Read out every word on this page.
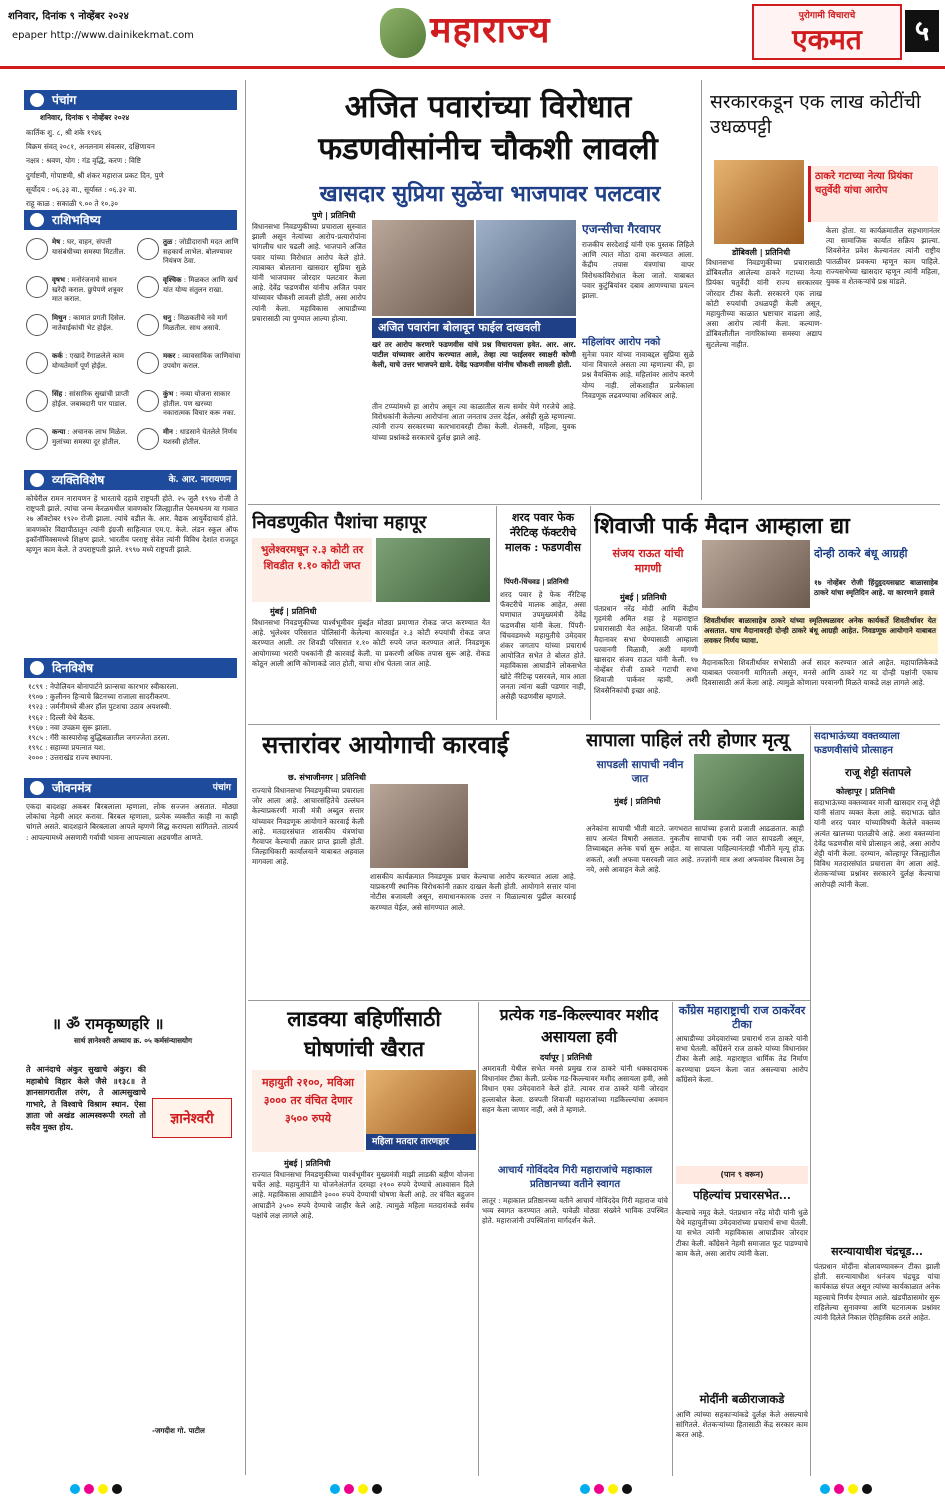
शनिवार, दिनांक ९ नोव्हेंबर २०२४
epaper http://www.dainikekmat.com	महाराज्य	पुरोगामी विचाराचे
एकमत	५
पंचांग
शनिवार, दिनांक ९ नोव्हेंबर २०२४
कार्तिक शु. ८, श्री शके १९४६
विक्रम संवत् २०८१, अनलनाम संवत्सर, दक्षिणायन
नक्षत्र : श्रवण, योग : गंड वृद्धि, करण : विष्टि
दुर्गाष्टमी, गोपाष्टमी, श्री शंकर महाराज प्रकट दिन, पुणे
सूर्योदय : ०६.३३ वा., सूर्यास्त : ०६.३२ वा.
राहू काळ : सकाळी ९.०० ते १०.३०
राशिभविष्य
मेष : घर, वाहन, संपत्ती यासंबंधीच्या समस्या मिटतील.
तुळ : जोडीदाराची मदत आणि सहकार्य लाभेल. बोलण्यावर नियंत्रण ठेवा.
वृषभ : मनोरंजनाचे साधन खरेदी कराल. छुपेपणे शत्रूवर मात कराल.
वृश्चिक : मिळकत आणि खर्च यांत योग्य संतुलन राखा.
मिथुन : कामात प्रगती दिसेल. नातेवाईकांची भेट होईल.
धनु : मिळकतीचे नवे मार्ग मिळतील. साथ असावे.
कर्क : एखादे रेंगाळलेले काम योग्यतेमार्गे पूर्ण होईल.
मकर : व्यावसायिक जाणिवांचा उपयोग कराल.
सिंह : सांसारिक सुखांची प्राप्ती होईल. जबाबदारी पार पाडाल.
कुंभ : नव्या योजना साकार होतील. पण खरच्या नकारात्मक विचार करू नका.
कन्या : अचानक लाभ मिळेल. मुलांच्या समस्या दूर होतील.
मीन : धाडसाने घेतलेले निर्णय यशस्वी होतील.
व्यक्तिविशेष	के. आर. नारायणन
कोचेरील रामन नारायणन हे भारताचे दहावे राष्ट्रपती होते. २५ जुलै १९९७ रोजी ते राष्ट्रपती झाले. त्यांचा जन्म केरळमधील त्रावणकोर जिल्ह्यातील पेरुमथनम या गावात २७ ऑक्टोबर १९२० रोजी झाला. त्यांचे वडील के. आर. वैद्यक आयुर्वेदाचार्य होते. त्रावणकोर विद्यापीठातून त्यांनी इंग्रजी साहित्यात एम.ए. केले. लंडन स्कूल ऑफ इकॉनॉमिक्समध्ये शिक्षण झाले. भारतीय परराष्ट्र सेवेत त्यांनी विविध देशांत राजदूत म्हणून काम केले. ते उपराष्ट्रपती झाले. १९९७ मध्ये राष्ट्रपती झाले.
दिनविशेष
१८९९ : नेपोलियन बोनापार्टने फ्रान्सचा कारभार स्वीकारला.
१९०७ : कुलीनन हिऱ्याचे ब्रिटनच्या राजाला सादरीकरण.
१९२३ : जर्मनीमध्ये बीअर हॉल पुटशचा उठाव अयशस्वी.
१९६२ : दिल्ली येथे बैठक.
१९६७ : नवा उपक्रम सुरू झाला.
१९८५ : गॅरी कास्पारोव्ह बुद्धिबळातील जगज्जेता ठरला.
१९९८ : सहाव्या प्रयत्नात यश.
२००० : उत्तराखंड राज्य स्थापना.
जीवनमंत्र	पंचांग
एकदा बादशहा अकबर बिरबलाला म्हणाला, लोक सज्जन असतात. मोठ्या लोकांचा नेहमी आदर करावा. बिरबल म्हणाला, प्रत्येक व्यक्तीत काही ना काही चांगले असते. बादशहाने बिरबलाला आपले म्हणणे सिद्ध करायला सांगितले. तात्पर्य : आपल्यामध्ये असणारी गर्वाची भावना आपल्याला अडचणीत आणते.
॥ ॐ रामकृष्णहरि ॥
सार्थ ज्ञानेश्वरी अध्याय क्र. ०५ कर्मसंन्यासयोग
ते आनंदाचे अंकुर सुखाचे अंकुर। की महाबोधे विहार केले जैसे ॥१३८॥ ते ज्ञानसागरातील तरंग, ते आत्मसुखाचे गाभारे, ते विश्वाचे विश्राम स्थान. ऐसा ज्ञाता जो अखंड आत्मस्वरूपी रमतो तो सदैव मुक्त होय.	ज्ञानेश्वरी
-जगदीश गो. पाटील
अजित पवारांच्या विरोधात
फडणवीसांनीच चौकशी लावली
खासदार सुप्रिया सुळेंचा भाजपावर पलटवार
पुणे | प्रतिनिधी
विधानसभा निवडणुकीच्या प्रचाराला सुरुवात झाली असून नेत्यांच्या आरोप-प्रत्यारोपांना चांगलीच धार चढली आहे. भाजपाने अजित पवार यांच्या विरोधात आरोप केले होते. त्याबाबत बोलताना खासदार सुप्रिया सुळे यांनी भाजपावर जोरदार पलटवार केला आहे. देवेंद्र फडणवीस यांनीच अजित पवार यांच्यावर चौकशी लावली होती, असा आरोप त्यांनी केला. महाविकास आघाडीच्या प्रचारासाठी त्या पुण्यात आल्या होत्या.
अजित पवारांना बोलावून फाईल दाखवली
खरं तर आरोप करणारे फडणवीस यांचे प्रश्न विचारायला हवेत. आर. आर. पाटील यांच्यावर आरोप करण्यात आले, तेव्हा त्या फाईलवर स्वाक्षरी कोणी केली, याचे उत्तर भाजपने द्यावे. देवेंद्र फडणवीस यांनीच चौकशी लावली होती.
तीन टप्प्यांमध्ये हा आरोप असून त्या काळातील सत्य समोर येणे गरजेचे आहे. विरोधकांनी केलेल्या आरोपांना आता जनताच उत्तर देईल, असेही सुळे म्हणाल्या. त्यांनी राज्य सरकारच्या कारभारावरही टीका केली. शेतकरी, महिला, युवक यांच्या प्रश्नांकडे सरकारचे दुर्लक्ष झाले आहे.
एजन्सीचा गैरवापर
राजकीय सरदेशाई यांनी एक पुस्तक लिहिले आणि त्यात मोठा दावा करण्यात आला. केंद्रीय तपास यंत्रणांचा वापर विरोधकांविरोधात केला जातो. याबाबत पवार कुटुंबियांवर दबाव आणण्याचा प्रयत्न झाला.
महिलांवर आरोप नको
सुनेत्रा पवार यांच्या नावाबद्दल सुप्रिया सुळे यांना विचारले असता त्या म्हणाल्या की, हा प्रश्न वैयक्तिक आहे. महिलांवर आरोप करणे योग्य नाही. लोकशाहीत प्रत्येकाला निवडणूक लढवण्याचा अधिकार आहे.
सरकारकडून एक लाख कोटींची उधळपट्टी
ठाकरे गटाच्या नेत्या प्रियंका चतुर्वेदी यांचा आरोप
डोंबिवली | प्रतिनिधी
विधानसभा निवडणुकीच्या प्रचारासाठी डोंबिवलीत आलेल्या ठाकरे गटाच्या नेत्या प्रियंका चतुर्वेदी यांनी राज्य सरकारवर जोरदार टीका केली. सरकारने एक लाख कोटी रुपयांची उधळपट्टी केली असून, महायुतीच्या काळात भ्रष्टाचार वाढला आहे, असा आरोप त्यांनी केला. कल्याण-डोंबिवलीतील नागरिकांच्या समस्या अद्याप सुटलेल्या नाहीत.
केला होता. या कार्यक्रमातील सहभागानंतर त्या सामाजिक कार्यात सक्रिय झाल्या. शिवसेनेत प्रवेश केल्यानंतर त्यांनी राष्ट्रीय पातळीवर प्रवक्त्या म्हणून काम पाहिले. राज्यसभेच्या खासदार म्हणून त्यांनी महिला, युवक व शेतकऱ्यांचे प्रश्न मांडले.
निवडणुकीत पैशांचा महापूर
भुलेश्वरमधून २.३ कोटी तर शिवडीत १.१० कोटी जप्त
मुंबई | प्रतिनिधी
विधानसभा निवडणुकीच्या पार्श्वभूमीवर मुंबईत मोठ्या प्रमाणात रोकड जप्त करण्यात येत आहे. भुलेश्वर परिसरात पोलिसांनी केलेल्या कारवाईत २.३ कोटी रुपयांची रोकड जप्त करण्यात आली. तर शिवडी परिसरात १.१० कोटी रुपये जप्त करण्यात आले. निवडणूक आयोगाच्या भरारी पथकांनी ही कारवाई केली. या प्रकरणी अधिक तपास सुरू आहे. रोकड कोठून आली आणि कोणाकडे जात होती, याचा शोध घेतला जात आहे.
शरद पवार फेक नॅरेटिव्ह फॅक्टरीचे मालक : फडणवीस
पिंपरी-चिंचवड | प्रतिनिधी
शरद पवार हे फेक नॅरेटिव्ह फॅक्टरीचे मालक आहेत, असा घणाघात उपमुख्यमंत्री देवेंद्र फडणवीस यांनी केला. पिंपरी-चिंचवडमध्ये महायुतीचे उमेदवार शंकर जगताप यांच्या प्रचारार्थ आयोजित सभेत ते बोलत होते. महाविकास आघाडीने लोकसभेत खोटे नॅरेटिव्ह पसरवले, मात्र आता जनता त्यांना बळी पडणार नाही, असेही फडणवीस म्हणाले.
शिवाजी पार्क मैदान आम्हाला द्या
संजय राऊत यांची मागणी
दोन्ही ठाकरे बंधू आग्रही
१७ नोव्हेंबर रोजी हिंदुहृदयसम्राट बाळासाहेब ठाकरे यांचा स्मृतिदिन आहे. या कारणाने हवाले
मुंबई | प्रतिनिधी
पंतप्रधान नरेंद्र मोदी आणि केंद्रीय गृहमंत्री अमित शहा हे महाराष्ट्रात प्रचारासाठी येत आहेत. शिवाजी पार्क मैदानावर सभा घेण्यासाठी आम्हाला परवानगी मिळावी, अशी मागणी खासदार संजय राऊत यांनी केली. १७ नोव्हेंबर रोजी ठाकरे गटाची सभा शिवाजी पार्कवर व्हावी, अशी शिवसैनिकांची इच्छा आहे.
शिवतीर्थावर बाळासाहेब ठाकरे यांच्या स्मृतिस्थळावर अनेक कार्यकर्ते शिवतीर्थावर येत असतात. याच मैदानावरही दोन्ही ठाकरे बंधू आग्रही आहेत. निवडणूक आयोगाने याबाबत लवकर निर्णय घ्यावा.
मैदानाकरिता शिवतीर्थावर सभेसाठी अर्ज सादर करण्यात आले आहेत. महापालिकेकडे याबाबत परवानगी मागितली असून, मनसे आणि ठाकरे गट या दोन्ही पक्षांनी एकाच दिवसासाठी अर्ज केला आहे. त्यामुळे कोणाला परवानगी मिळते याकडे लक्ष लागले आहे.
सत्तारांवर आयोगाची कारवाई
छ. संभाजीनगर | प्रतिनिधी
राज्याचे विधानसभा निवडणुकीच्या प्रचाराला जोर आला आहे. आचारसंहितेचे उल्लंघन केल्याप्रकरणी माजी मंत्री अब्दुल सत्तार यांच्यावर निवडणूक आयोगाने कारवाई केली आहे. मतदारसंघात शासकीय यंत्रणांचा गैरवापर केल्याची तक्रार प्राप्त झाली होती. जिल्हाधिकारी कार्यालयाने याबाबत अहवाल मागवला आहे.
शासकीय कार्यक्रमात निवडणूक प्रचार केल्याचा आरोप करण्यात आला आहे. याप्रकरणी स्थानिक विरोधकांनी तक्रार दाखल केली होती. आयोगाने सत्तार यांना नोटीस बजावली असून, समाधानकारक उत्तर न मिळाल्यास पुढील कारवाई करण्यात येईल, असे सांगण्यात आले.
सापाला पाहिलं तरी होणार मृत्यू
सापडली सापाची नवीन जात
मुंबई | प्रतिनिधी
अनेकांना सापाची भीती वाटते. जगभरात सापांच्या हजारो प्रजाती आढळतात. काही साप अत्यंत विषारी असतात. नुकतीच सापाची एक नवी जात सापडली असून, तिच्याबद्दल अनेक चर्चा सुरू आहेत. या सापाला पाहिल्यानंतरही भीतीने मृत्यू होऊ शकतो, अशी अफवा पसरवली जात आहे. तज्ज्ञांनी मात्र अशा अफवांवर विश्वास ठेवू नये, असे आवाहन केले आहे.
सदाभाऊंच्या वक्तव्याला फडणवीसांचे प्रोत्साहन
राजू शेट्टी संतापले
कोल्हापूर | प्रतिनिधी
सदाभाऊंच्या वक्तव्यावर माजी खासदार राजू शेट्टी यांनी संताप व्यक्त केला आहे. सदाभाऊ खोत यांनी शरद पवार यांच्याविषयी केलेले वक्तव्य अत्यंत खालच्या पातळीचे आहे. अशा वक्तव्यांना देवेंद्र फडणवीस यांचे प्रोत्साहन आहे, असा आरोप शेट्टी यांनी केला. दरम्यान, कोल्हापूर जिल्ह्यातील विविध मतदारसंघांत प्रचाराला वेग आला आहे. शेतकऱ्यांच्या प्रश्नांवर सरकारने दुर्लक्ष केल्याचा आरोपही त्यांनी केला.
लाडक्या बहिणींसाठी घोषणांची खैरात
महायुती २१००, मविआ ३००० तर वंचित देणार ३५०० रुपये
महिला मतदार तारणहार
मुंबई | प्रतिनिधी
राज्यात विधानसभा निवडणुकीच्या पार्श्वभूमीवर मुख्यमंत्री माझी लाडकी बहीण योजना चर्चेत आहे. महायुतीने या योजनेअंतर्गत दरमहा २१०० रुपये देण्याचे आश्वासन दिले आहे. महाविकास आघाडीने ३००० रुपये देण्याची घोषणा केली आहे. तर वंचित बहुजन आघाडीने ३५०० रुपये देण्याचे जाहीर केले आहे. त्यामुळे महिला मतदारांकडे सर्वच पक्षांचे लक्ष लागले आहे.
प्रत्येक गड-किल्ल्यावर मशीद असायला हवी
दर्यापूर | प्रतिनिधी
अमरावती येथील सभेत मनसे प्रमुख राज ठाकरे यांनी धक्कादायक विधानांवर टीका केली. प्रत्येक गड-किल्ल्यावर मशीद असायला हवी, असे विधान एका उमेदवाराने केले होते. त्यावर राज ठाकरे यांनी जोरदार हल्लाबोल केला. छत्रपती शिवाजी महाराजांच्या गडकिल्ल्यांचा अवमान सहन केला जाणार नाही, असे ते म्हणाले.
आचार्य गोविंददेव गिरी महाराजांचे महाकाल प्रतिष्ठानच्या वतीने स्वागत
लातूर : महाकाल प्रतिष्ठानच्या वतीने आचार्य गोविंददेव गिरी महाराज यांचे भव्य स्वागत करण्यात आले. यावेळी मोठ्या संख्येने भाविक उपस्थित होते. महाराजांनी उपस्थितांना मार्गदर्शन केले.
काँग्रेस महाराष्ट्राची राज ठाकरेंवर टीका
आघाडीच्या उमेदवारांच्या प्रचारार्थ राज ठाकरे यांनी सभा घेतली. काँग्रेसने राज ठाकरे यांच्या विधानांवर टीका केली आहे. महाराष्ट्रात धार्मिक तेढ निर्माण करण्याचा प्रयत्न केला जात असल्याचा आरोप काँग्रेसने केला.
(पान ९ वरून)
पहिल्यांच प्रचारसभेत...
केल्याचे नमूद केले. पंतप्रधान नरेंद्र मोदी यांनी धुळे येथे महायुतीच्या उमेदवारांच्या प्रचारार्थ सभा घेतली. या सभेत त्यांनी महाविकास आघाडीवर जोरदार टीका केली. काँग्रेसने नेहमी समाजात फूट पाडण्याचे काम केले, असा आरोप त्यांनी केला.
मोदींनी बळीराजाकडे
आणि त्यांच्या सहकाऱ्यांकडे दुर्लक्ष केले असल्याचे सांगितले. शेतकऱ्यांच्या हितासाठी केंद्र सरकार काम करत आहे.
सरन्यायाधीश चंद्रचूड...
पंतप्रधान मोदींना बोलावण्यावरून टीका झाली होती. सरन्यायाधीश धनंजय चंद्रचूड यांचा कार्यकाळ संपत असून त्यांच्या कार्यकाळात अनेक महत्त्वाचे निर्णय देण्यात आले. खंडपीठासमोर सुरू राहिलेल्या सुनावण्या आणि घटनात्मक प्रश्नांवर त्यांनी दिलेले निकाल ऐतिहासिक ठरले आहेत.
